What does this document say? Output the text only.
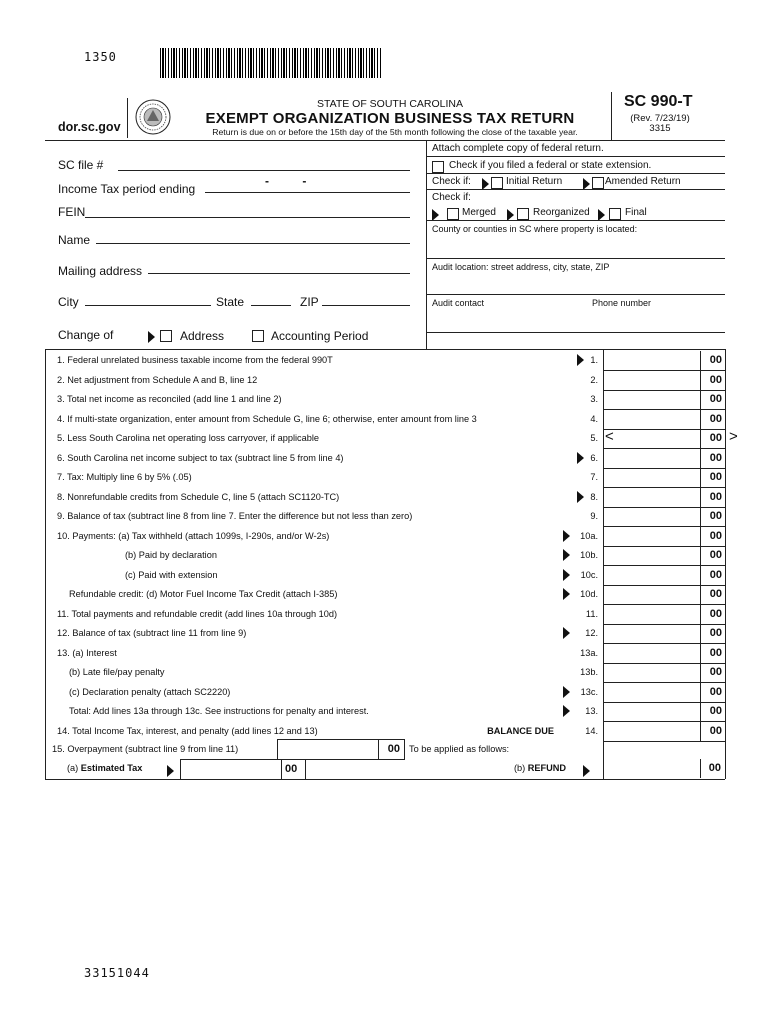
1350
dor.sc.gov
STATE OF SOUTH CAROLINA
EXEMPT ORGANIZATION BUSINESS TAX RETURN
Return is due on or before the 15th day of the 5th month following the close of the taxable year.
SC 990-T
(Rev. 7/23/19)
3315
SC file #
Income Tax period ending
-          -
FEIN
Name
Mailing address
City	State	ZIP
Change of	Address	Accounting Period
Attach complete copy of federal return.
Check if you filed a federal or state extension.
Check if:	Initial Return	Amended Return
Check if:
Merged	Reorganized	Final
County or counties in SC where property is located:
Audit location: street address, city, state, ZIP
Audit contact	Phone number
1. Federal unrelated business taxable income from the federal 990T	1.	00
2. Net adjustment from Schedule A and B, line 12	2.	00
3. Total net income as reconciled (add line 1 and line 2)	3.	00
4. If multi-state organization, enter amount from Schedule G, line 6; otherwise, enter amount from line 3	4.	00
5. Less South Carolina net operating loss carryover, if applicable	5.	00
6. South Carolina net income subject to tax (subtract line 5 from line 4)	6.	00
7. Tax: Multiply line 6 by 5% (.05)	7.	00
8. Nonrefundable credits from Schedule C, line 5 (attach SC1120-TC)	8.	00
9. Balance of tax (subtract line 8 from line 7. Enter the difference but not less than zero)	9.	00
10. Payments: (a) Tax withheld (attach 1099s, I-290s, and/or W-2s)	10a.	00
(b) Paid by declaration	10b.	00
(c) Paid with extension	10c.	00
Refundable credit: (d) Motor Fuel Income Tax Credit (attach I-385)	10d.	00
11. Total payments and refundable credit (add lines 10a through 10d)	11.	00
12. Balance of tax (subtract line 11 from line 9)	12.	00
13. (a) Interest	13a.	00
(b) Late file/pay penalty	13b.	00
(c) Declaration penalty (attach SC2220)	13c.	00
Total: Add lines 13a through 13c. See instructions for penalty and interest.	13.	00
14. Total Income Tax, interest, and penalty (add lines 12 and 13)	BALANCE DUE	14.	00
<	>
15. Overpayment (subtract line 9 from line 11)	00 To be applied as follows:
(a) Estimated Tax	00	(b) REFUND	00
33151044
